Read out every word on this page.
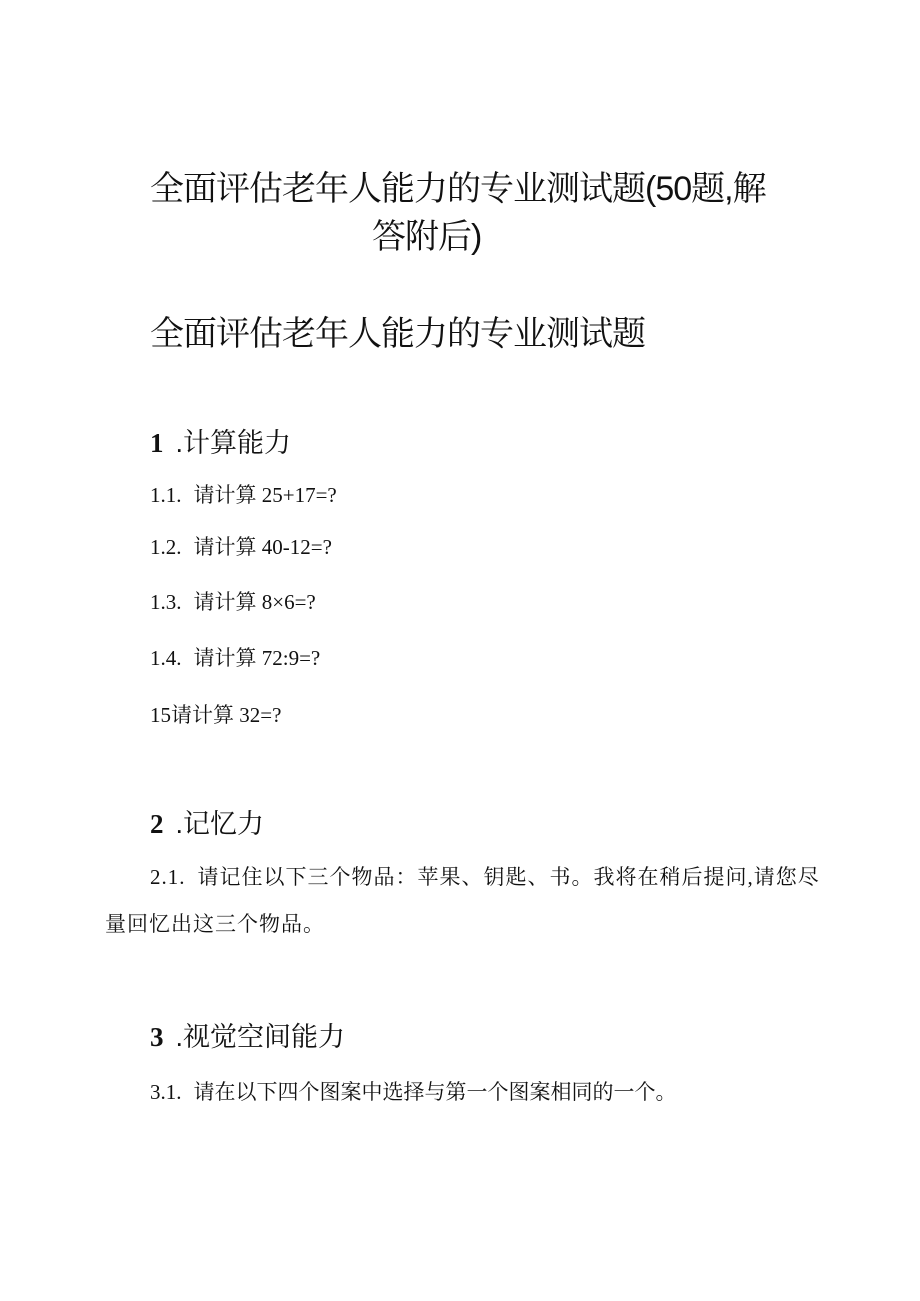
全面评估老年人能力的专业测试题(50题,解
答附后)
全面评估老年人能力的专业测试题
1 .计算能力

1.1. 请计算 25+17=?

1.2. 请计算 40-12=?

1.3. 请计算 8×6=?

1.4. 请计算 72:9=?

15请计算 32=?

2 .记忆力

2.1. 请记住以下三个物品：苹果、钥匙、书。我将在稍后提问,请您尽量回忆出这三个物品。

3 .视觉空间能力

3.1. 请在以下四个图案中选择与第一个图案相同的一个。
